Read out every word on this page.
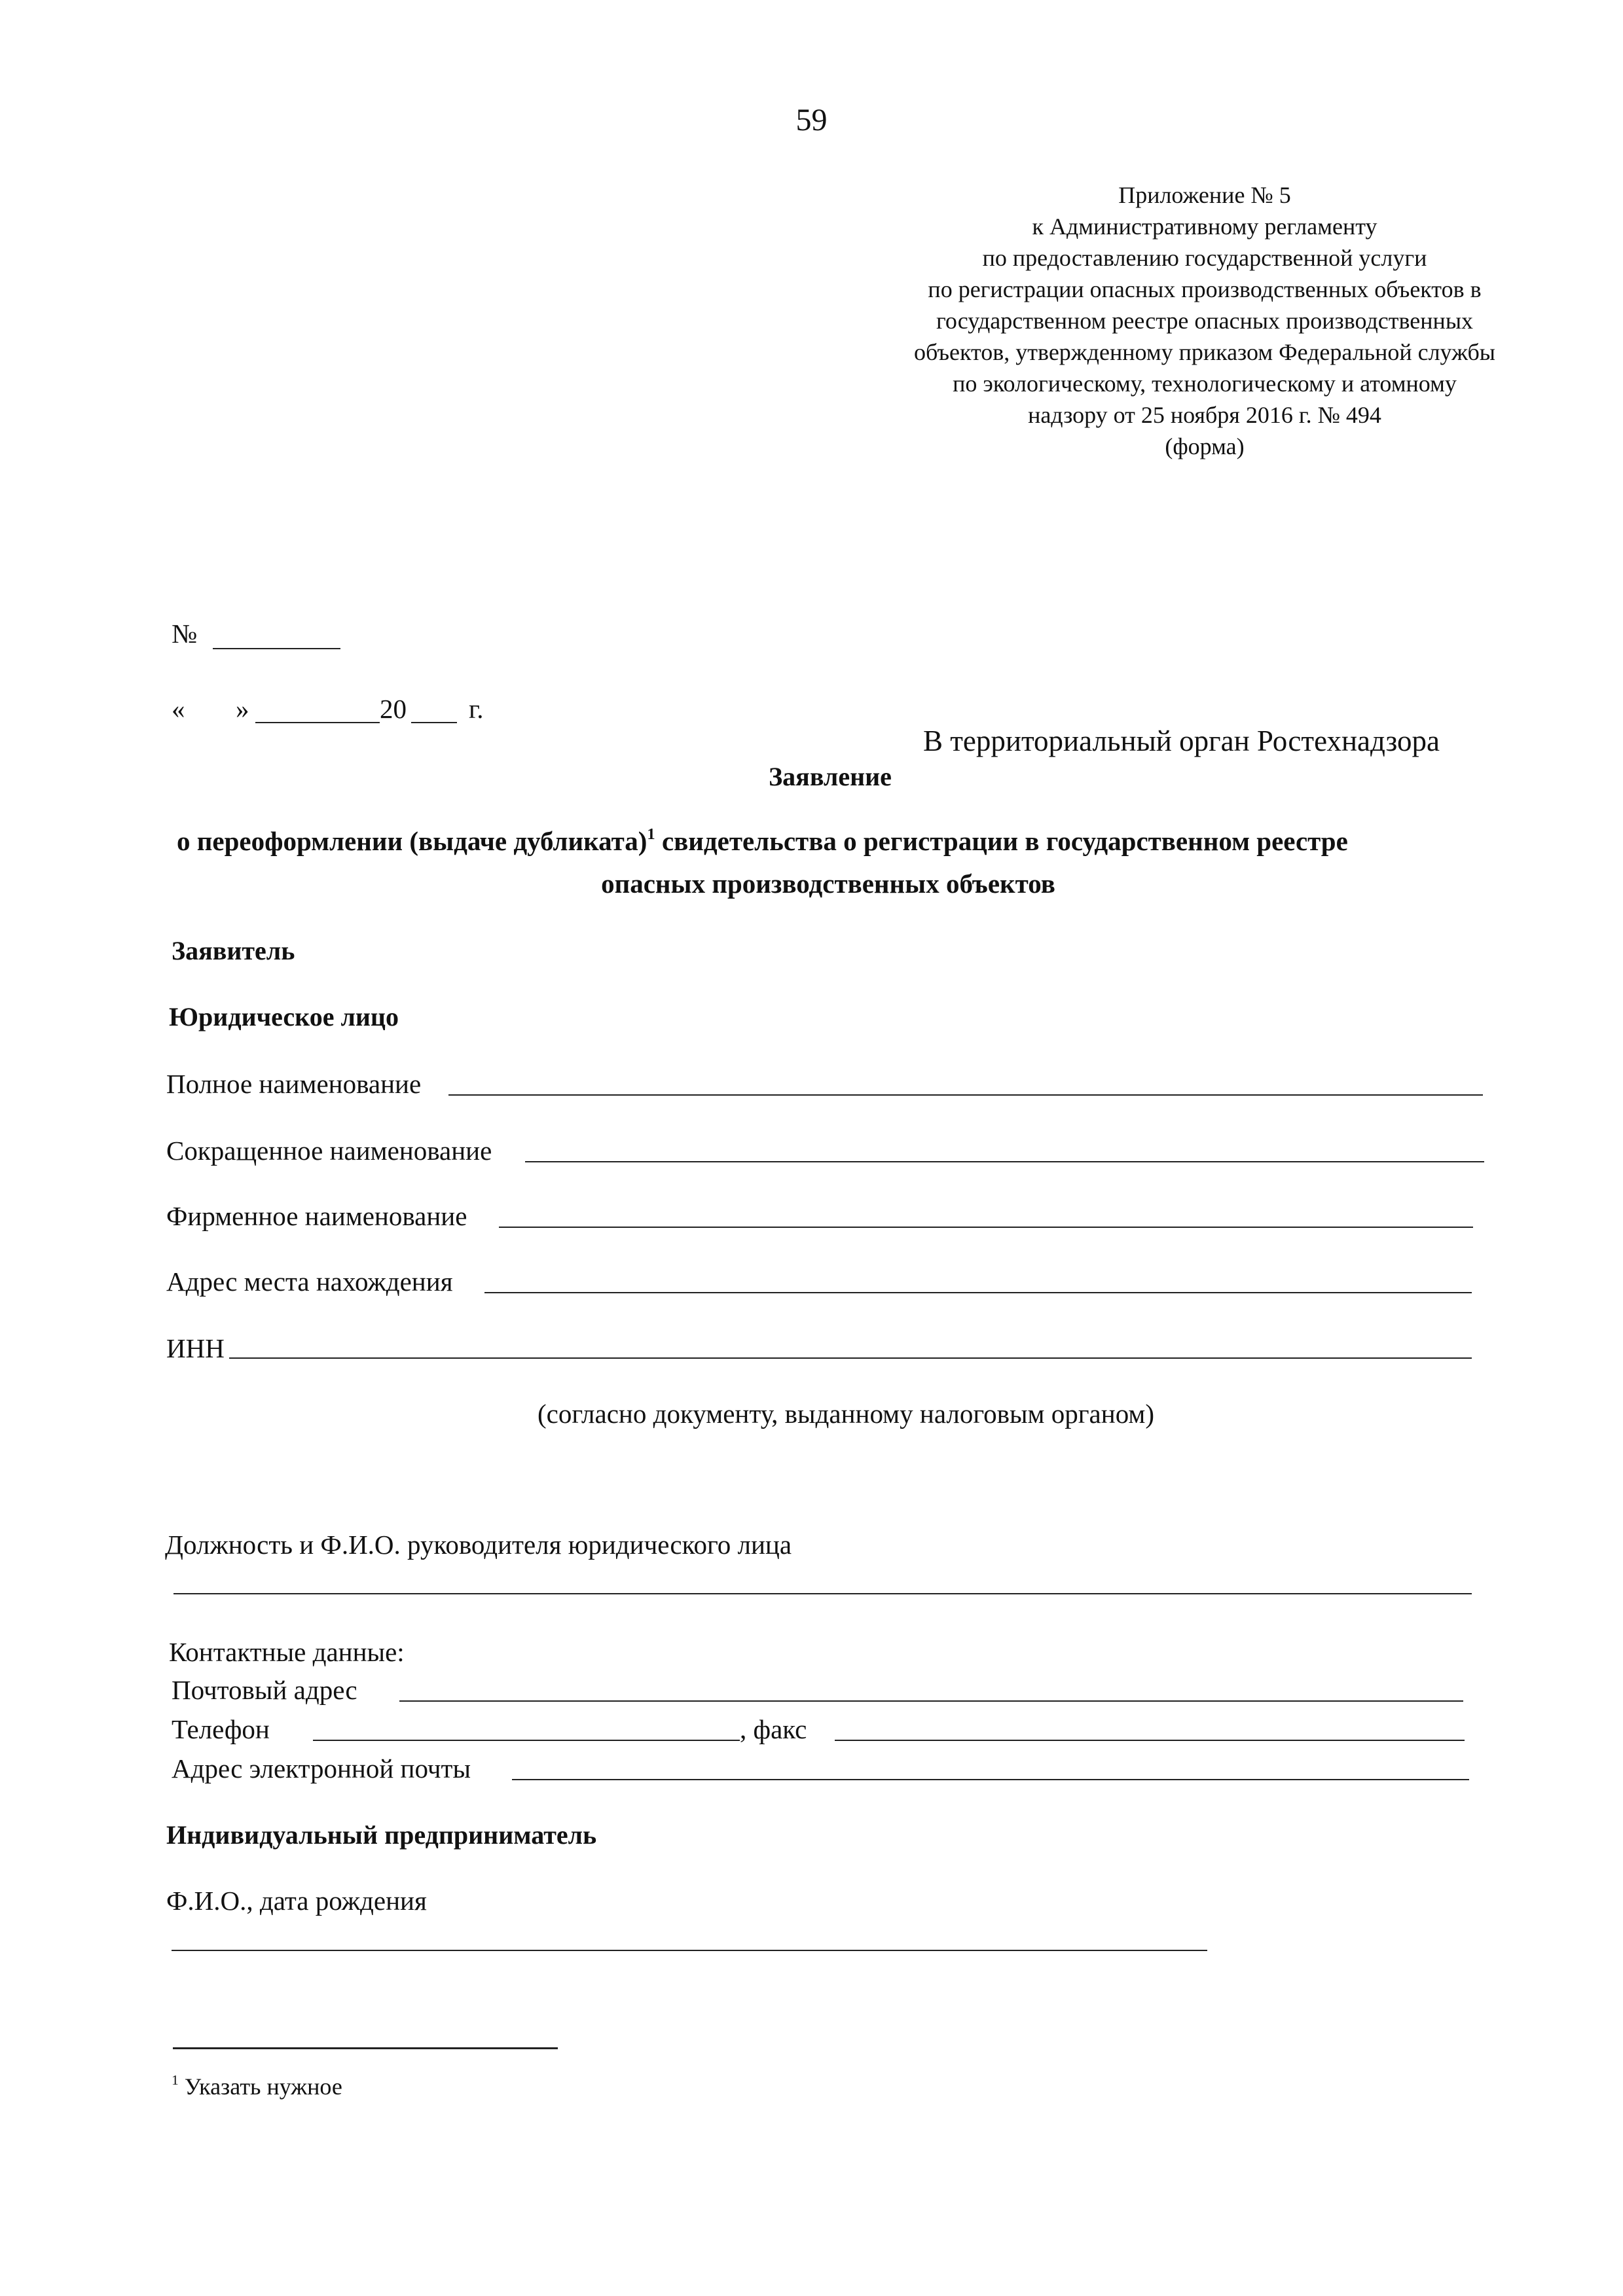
59
Приложение № 5
к Административному регламенту
по предоставлению государственной услуги
по регистрации опасных производственных объектов в
государственном реестре опасных производственных
объектов, утвержденному приказом Федеральной службы
по экологическому, технологическому и атомному
надзору от 25 ноября 2016 г. № 494
(форма)
№
« »	20 г.
В территориальный орган Ростехнадзора
Заявление
о переоформлении (выдаче дубликата)$^1$ свидетельства о регистрации в государственном реестре
опасных производственных объектов
Заявитель
Юридическое лицо
Полное наименование
Сокращенное наименование
Фирменное наименование
Адрес места нахождения
ИНН
(согласно документу, выданному налоговым органом)
Должность и Ф.И.О. руководителя юридического лица
Контактные данные:
Почтовый адрес
Телефон	, факс
Адрес электронной почты
Индивидуальный предприниматель
Ф.И.О., дата рождения
$^1$ Указать нужное
